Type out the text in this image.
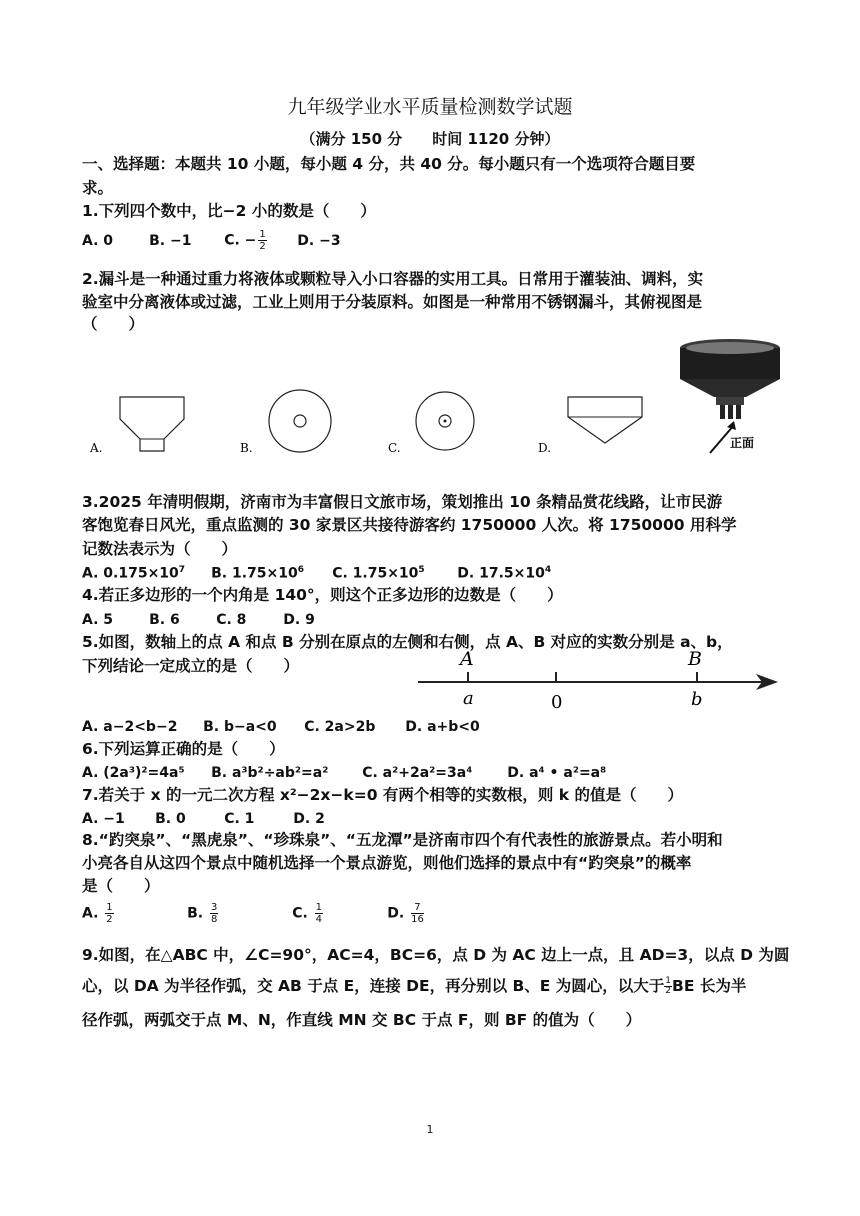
九年级学业水平质量检测数学试题
（满分 150 分　　时间 1120 分钟）
一、选择题：本题共 10 小题，每小题 4 分，共 40 分。每小题只有一个选项符合题目要
求。
1.下列四个数中，比−2 小的数是（　　）
A. 0	B. −1 C. − $\frac{1}{2} D$. −3
2.漏斗是一种通过重力将液体或颗粒导入小口容器的实用工具。日常用于灌装油、调料，实
验室中分离液体或过滤，工业上则用于分装原料。如图是一种常用不锈钢漏斗，其俯视图是
（　　）
A.	B.	C.	D.	正面
3.2025 年清明假期，济南市为丰富假日文旅市场，策划推出 10 条精品赏花线路，让市民游
客饱览春日风光，重点监测的 30 家景区共接待游客约 1750000 人次。将 1750000 用科学
记数法表示为（　　）
A. $0.175\times 10^7$ B. $1.75\times 10^6$ C. $1.75\times 10^5$ D. $17.5\times 10^4$
4.若正多边形的一个内角是 140°，则这个正多边形的边数是（　　）
A. 5	B. 6	C. 8	D. 9
5.如图，数轴上的点 A 和点 B 分别在原点的左侧和右侧，点 A、B 对应的实数分别是 a、b，
下列结论一定成立的是（　　）	A	B
a	0	b
A. a−2<b−2 B. b−a<0 C. 2a>2b D. a+b<0
6.下列运算正确的是（　　）
A. (2a³)²=4a⁵ B. a³b²÷ab²=a² C. a²+2a²=3a⁴ D. a⁴ • a²=a⁸
7.若关于 x 的一元二次方程 x²−2x−k=0 有两个相等的实数根，则 k 的值是（　　）
A. −1 B. 0	C. 1	D. 2
8.“趵突泉”、“黑虎泉”、“珍珠泉”、“五龙潭”是济南市四个有代表性的旅游景点。若小明和
小亮各自从这四个景点中随机选择一个景点游览，则他们选择的景点中有“趵突泉”的概率
是（　　）
A. $\frac{1}{2}$	B. $\frac{3}{8}$	C. $\frac{1}{4}$	D. $\frac{7}{16}$
9.如图，在△ABC 中，∠C=90°，AC=4，BC=6，点 D 为 AC 边上一点，且 AD=3，以点 D 为圆
心，以 DA 为半径作弧，交 AB 于点 E，连接 DE，再分别以 B、E 为圆心，以大于 $\frac{1}{2}$ BE 长为半
径作弧，两弧交于点 M、N，作直线 MN 交 BC 于点 F，则 BF 的值为（　　）
1
